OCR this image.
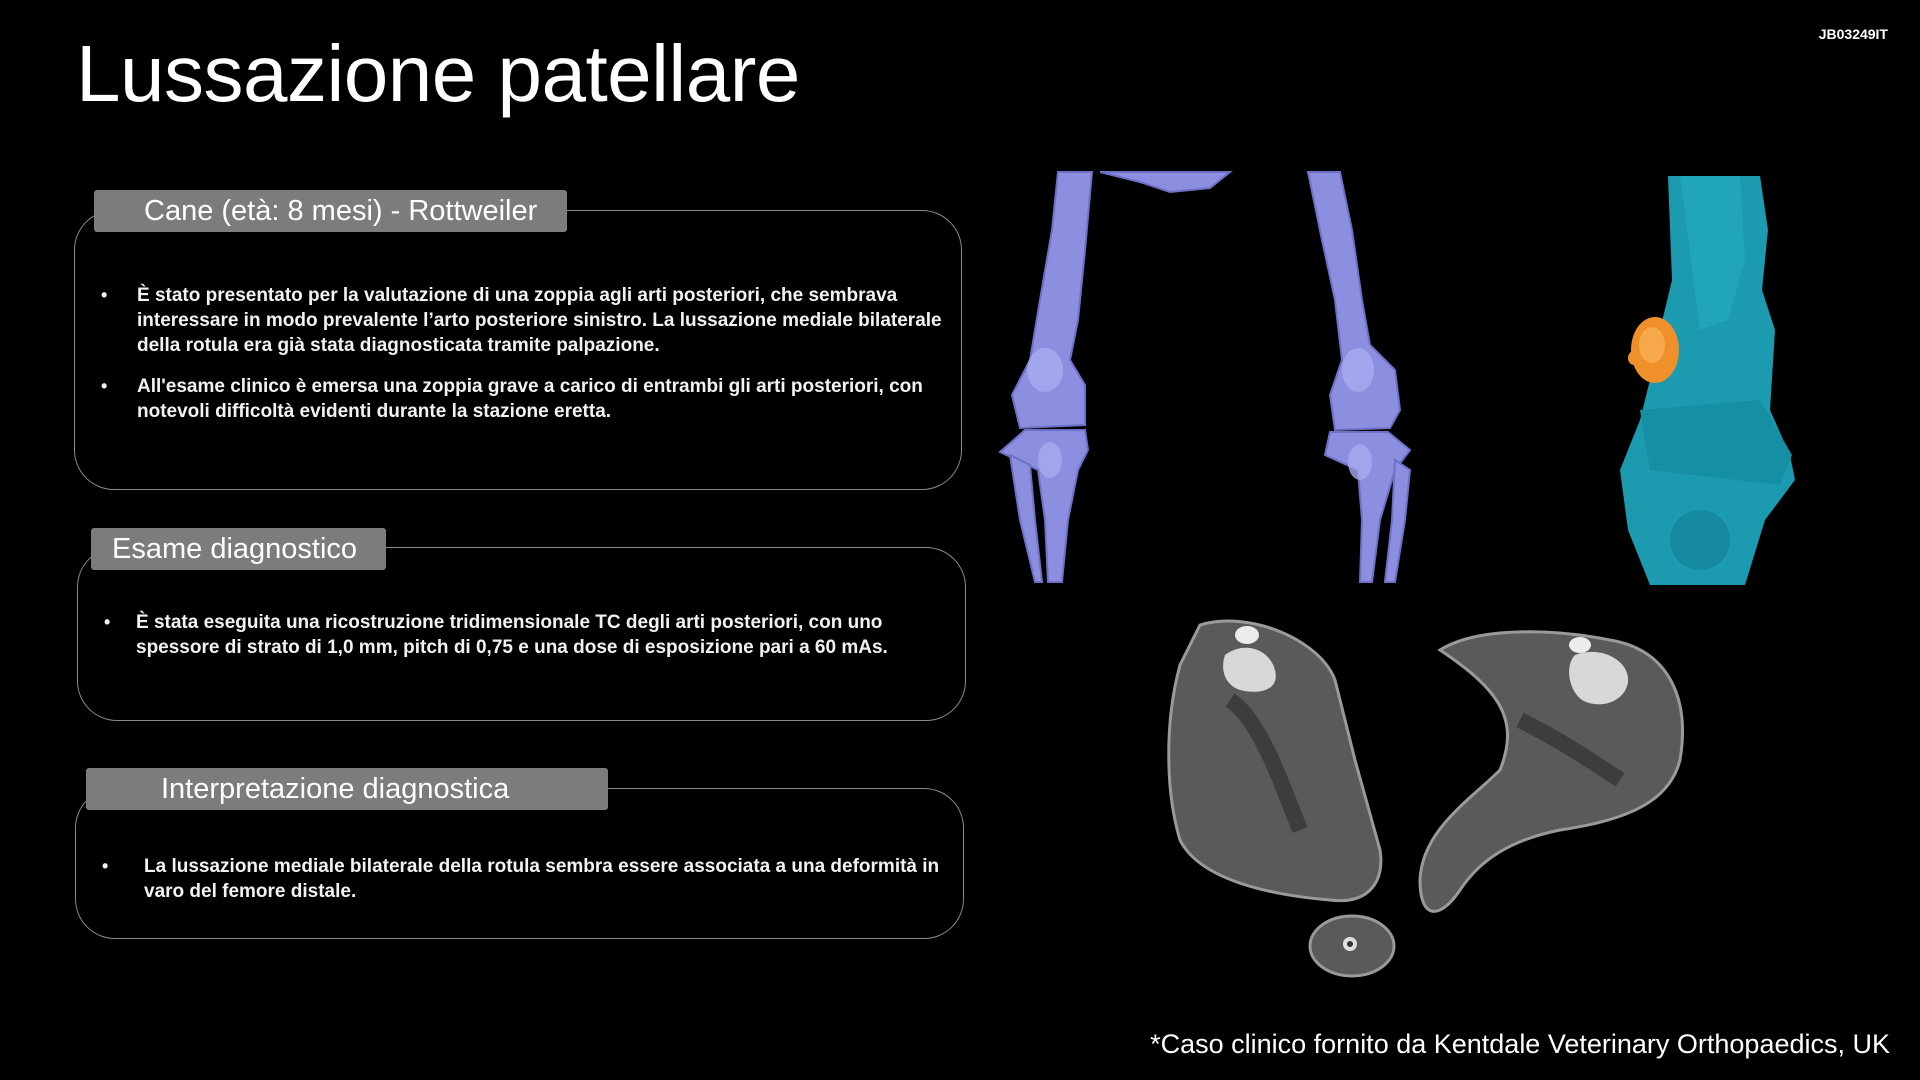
Lussazione patellare	JB03249IT
• È stato presentato per la valutazione di una zoppia agli arti posteriori, che sembrava interessare in modo prevalente l’arto posteriore sinistro. La lussazione mediale bilaterale della rotula era già stata diagnosticata tramite palpazione.
• All'esame clinico è emersa una zoppia grave a carico di entrambi gli arti posteriori, con notevoli difficoltà evidenti durante la stazione eretta.
Cane (età: 8 mesi) - Rottweiler
• È stata eseguita una ricostruzione tridimensionale TC degli arti posteriori, con uno spessore di strato di 1,0 mm, pitch di 0,75 e una dose di esposizione pari a 60 mAs.
Esame diagnostico
• La lussazione mediale bilaterale della rotula sembra essere associata a una deformità in varo del femore distale.
Interpretazione diagnostica
*Caso clinico fornito da Kentdale Veterinary Orthopaedics, UK
